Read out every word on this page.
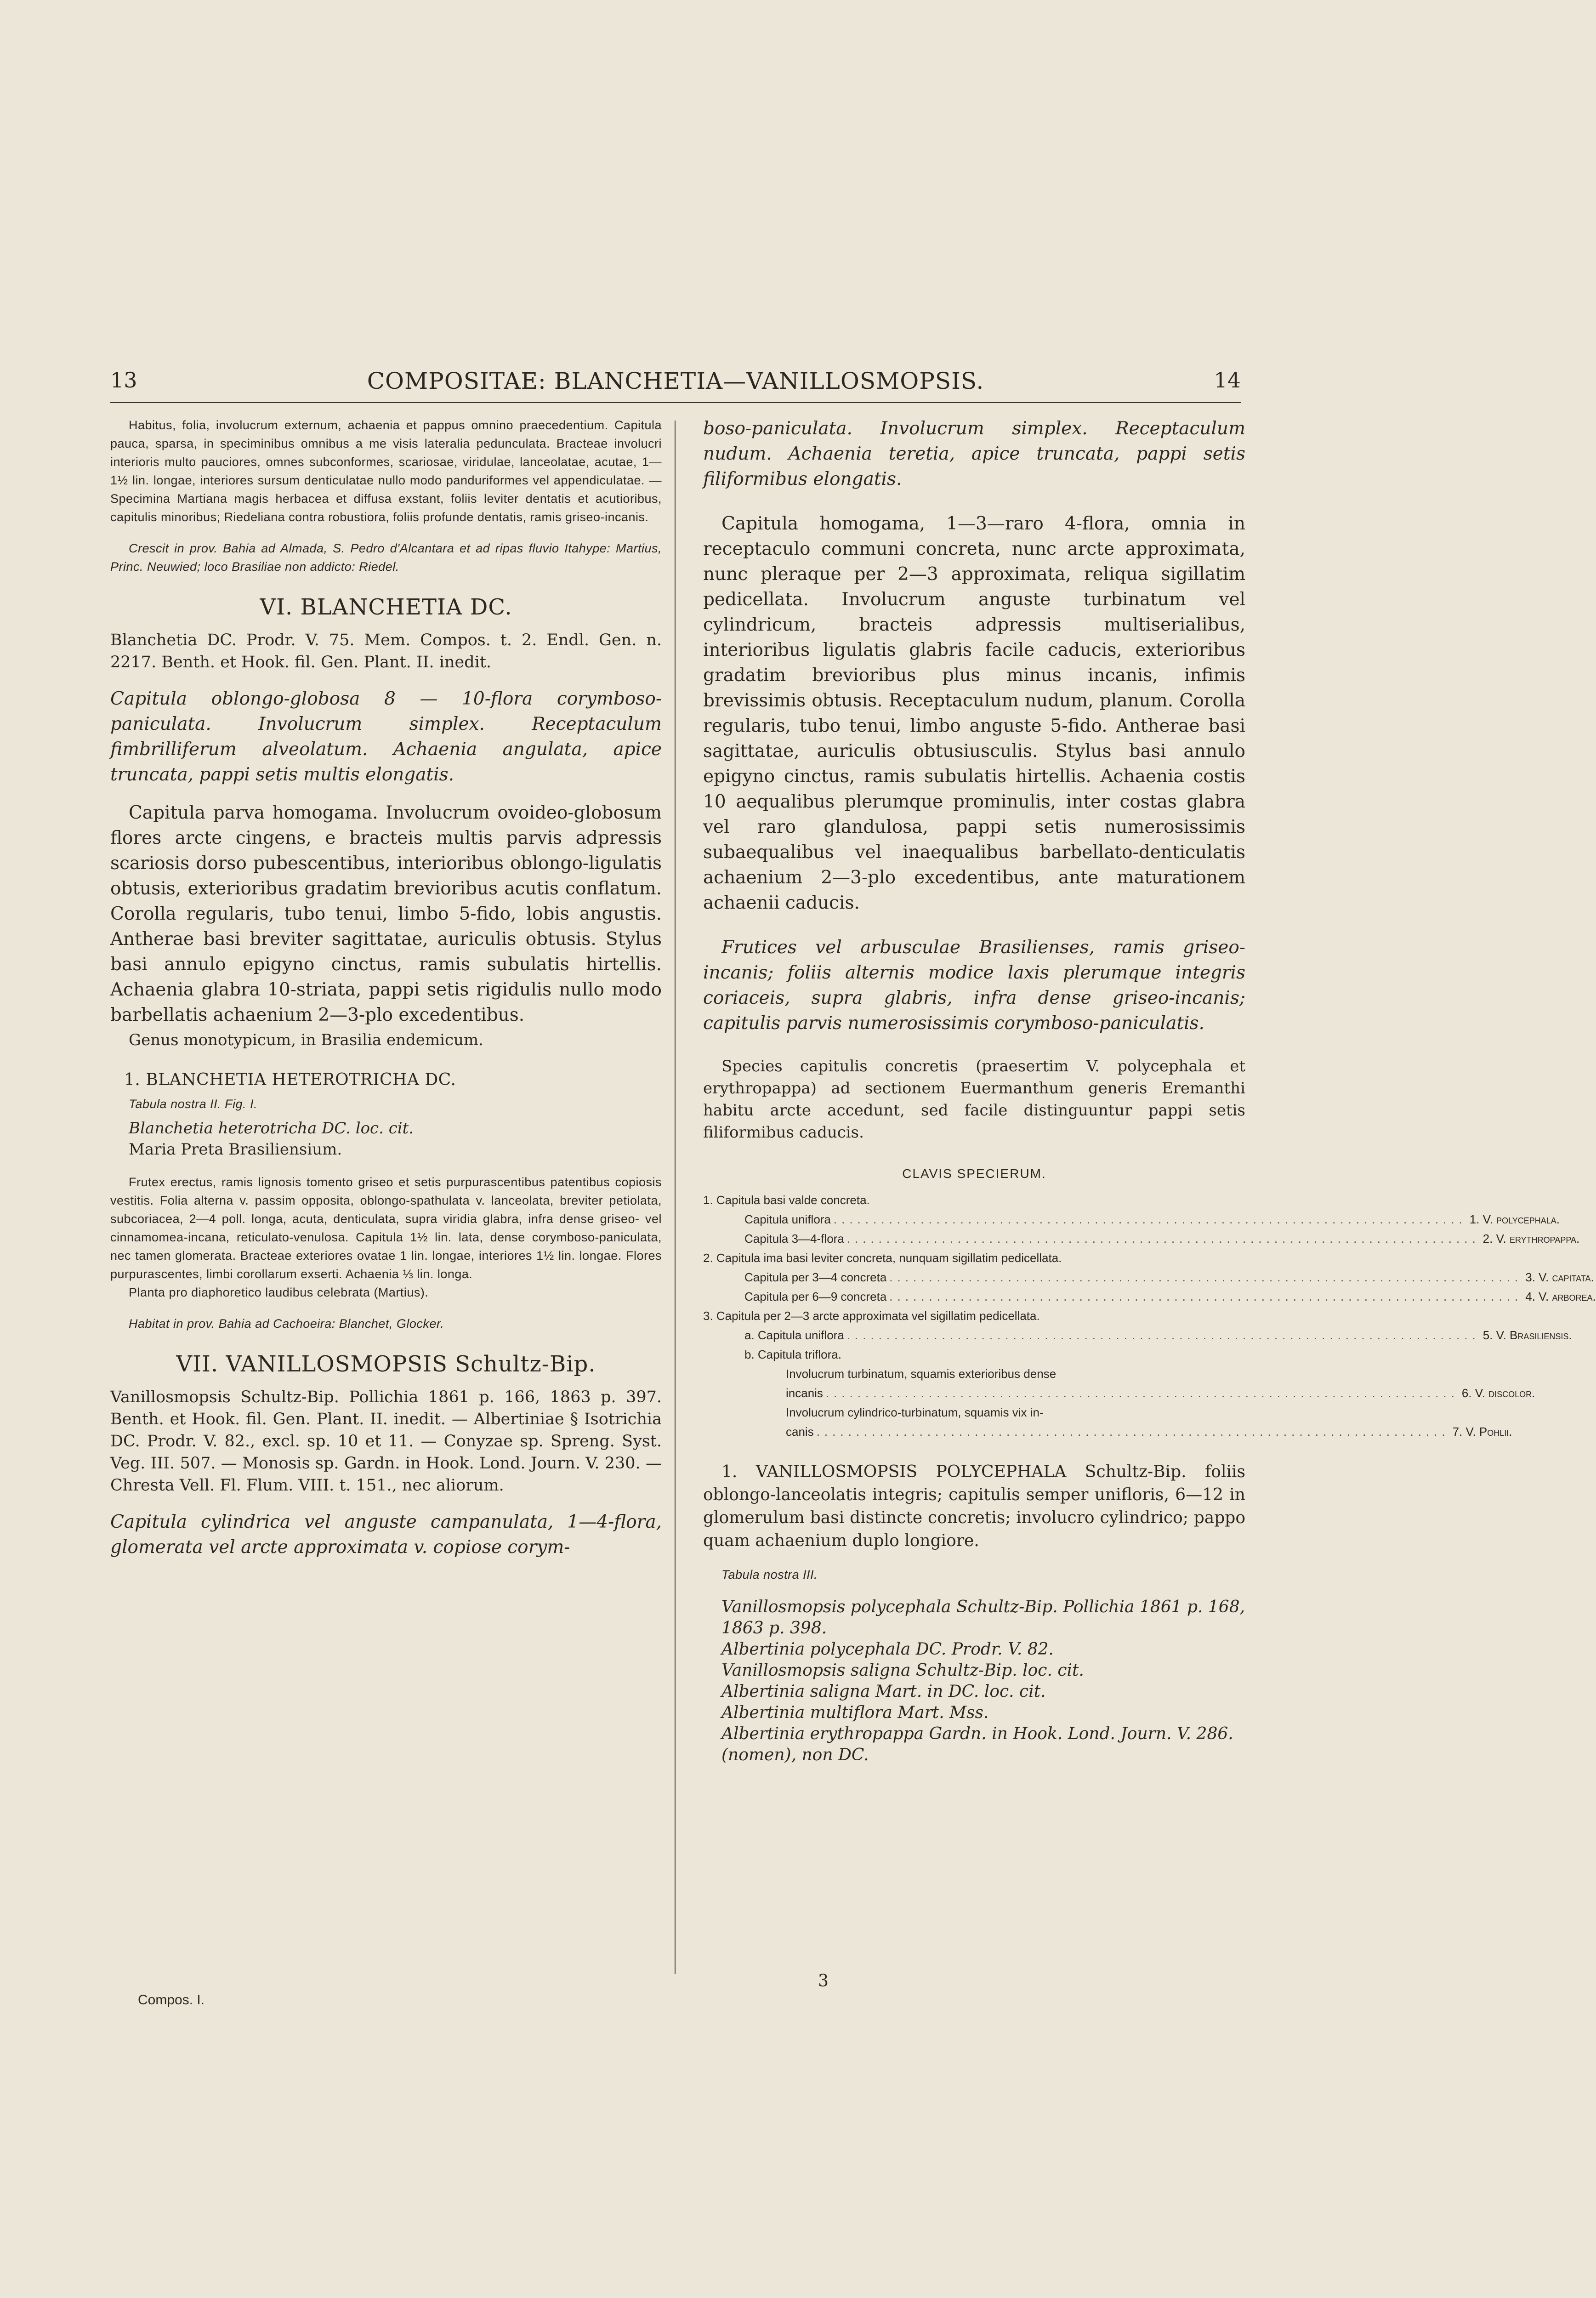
13	COMPOSITAE: BLANCHETIA—VANILLOSMOPSIS.	14

Habitus, folia, involucrum externum, achaenia et pappus omnino praecedentium. Capitula pauca, sparsa, in speciminibus omnibus a me visis lateralia pedunculata. Bracteae involucri interioris multo pauciores, omnes subconformes, scariosae, viridulae, lanceolatae, acutae, 1—1½ lin. longae, interiores sursum denticulatae nullo modo panduriformes vel appendiculatae. — Specimina Martiana magis herbacea et diffusa exstant, foliis leviter dentatis et acutioribus, capitulis minoribus; Riedeliana contra robustiora, foliis profunde dentatis, ramis griseo-incanis.

Crescit in prov. Bahia ad Almada, S. Pedro d'Alcantara et ad ripas fluvio Itahype: Martius, Princ. Neuwied; loco Brasiliae non addicto: Riedel.

VI. BLANCHETIA DC.

Blanchetia DC. Prodr. V. 75. Mem. Compos. t. 2. Endl. Gen. n. 2217. Benth. et Hook. fil. Gen. Plant. II. inedit.

Capitula oblongo-globosa 8 — 10-flora corymboso-paniculata. Involucrum simplex. Receptaculum fimbrilliferum alveolatum. Achaenia angulata, apice truncata, pappi setis multis elongatis.

Capitula parva homogama. Involucrum ovoideo-globosum flores arcte cingens, e bracteis multis parvis adpressis scariosis dorso pubescentibus, interioribus oblongo-ligulatis obtusis, exterioribus gradatim brevioribus acutis conflatum. Corolla regularis, tubo tenui, limbo 5-fido, lobis angustis. Antherae basi breviter sagittatae, auriculis obtusis. Stylus basi annulo epigyno cinctus, ramis subulatis hirtellis. Achaenia glabra 10-striata, pappi setis rigidulis nullo modo barbellatis achaenium 2—3-plo excedentibus.

Genus monotypicum, in Brasilia endemicum.

1. BLANCHETIA HETEROTRICHA DC.

Tabula nostra II. Fig. I.

Blanchetia heterotricha DC. loc. cit.

Maria Preta Brasiliensium.

Frutex erectus, ramis lignosis tomento griseo et setis purpurascentibus patentibus copiosis vestitis. Folia alterna v. passim opposita, oblongo-spathulata v. lanceolata, breviter petiolata, subcoriacea, 2—4 poll. longa, acuta, denticulata, supra viridia glabra, infra dense griseo- vel cinnamomea-incana, reticulato-venulosa. Capitula 1½ lin. lata, dense corymboso-paniculata, nec tamen glomerata. Bracteae exteriores ovatae 1 lin. longae, interiores 1½ lin. longae. Flores purpurascentes, limbi corollarum exserti. Achaenia ⅓ lin. longa.

Planta pro diaphoretico laudibus celebrata (Martius).

Habitat in prov. Bahia ad Cachoeira: Blanchet, Glocker.

VII. VANILLOSMOPSIS Schultz-Bip.

Vanillosmopsis Schultz-Bip. Pollichia 1861 p. 166, 1863 p. 397. Benth. et Hook. fil. Gen. Plant. II. inedit. — Albertiniae § Isotrichia DC. Prodr. V. 82., excl. sp. 10 et 11. — Conyzae sp. Spreng. Syst. Veg. III. 507. — Monosis sp. Gardn. in Hook. Lond. Journ. V. 230. — Chresta Vell. Fl. Flum. VIII. t. 151., nec aliorum.

Capitula cylindrica vel anguste campanulata, 1—4-flora, glomerata vel arcte approximata v. copiose corym-

Compos. I.

boso-paniculata. Involucrum simplex. Receptaculum nudum. Achaenia teretia, apice truncata, pappi setis filiformibus elongatis.

Capitula homogama, 1—3—raro 4-flora, omnia in receptaculo communi concreta, nunc arcte approximata, nunc pleraque per 2—3 approximata, reliqua sigillatim pedicellata. Involucrum anguste turbinatum vel cylindricum, bracteis adpressis multiserialibus, interioribus ligulatis glabris facile caducis, exterioribus gradatim brevioribus plus minus incanis, infimis brevissimis obtusis. Receptaculum nudum, planum. Corolla regularis, tubo tenui, limbo anguste 5-fido. Antherae basi sagittatae, auriculis obtusiusculis. Stylus basi annulo epigyno cinctus, ramis subulatis hirtellis. Achaenia costis 10 aequalibus plerumque prominulis, inter costas glabra vel raro glandulosa, pappi setis numerosissimis subaequalibus vel inaequalibus barbellato-denticulatis achaenium 2—3-plo excedentibus, ante maturationem achaenii caducis.

Frutices vel arbusculae Brasilienses, ramis griseo-incanis; foliis alternis modice laxis plerumque integris coriaceis, supra glabris, infra dense griseo-incanis; capitulis parvis numerosissimis corymboso-paniculatis.

Species capitulis concretis (praesertim V. polycephala et erythropappa) ad sectionem Euermanthum generis Eremanthi habitu arcte accedunt, sed facile distinguuntur pappi setis filiformibus caducis.

CLAVIS SPECIERUM.
1. Capitula basi valde concreta.
Capitula uniflora ................................................................................ 1. V. polycephala.
Capitula 3—4-flora ................................................................................ 2. V. erythropappa.
2. Capitula ima basi leviter concreta, nunquam sigillatim pedicellata.
Capitula per 3—4 concreta ................................................................................ 3. V. capitata.
Capitula per 6—9 concreta ................................................................................ 4. V. arborea.
3. Capitula per 2—3 arcte approximata vel sigillatim pedicellata.
a. Capitula uniflora ................................................................................ 5. V. Brasiliensis.
b. Capitula triflora.
Involucrum turbinatum, squamis exterioribus dense
incanis ................................................................................ 6. V. discolor.
Involucrum cylindrico-turbinatum, squamis vix in-
canis ................................................................................ 7. V. Pohlii.

1. VANILLOSMOPSIS POLYCEPHALA Schultz-Bip. foliis oblongo-lanceolatis integris; capitulis semper unifloris, 6—12 in glomerulum basi distincte concretis; involucro cylindrico; pappo quam achaenium duplo longiore.

Tabula nostra III.

Vanillosmopsis polycephala Schultz-Bip. Pollichia 1861 p. 168, 1863 p. 398.

Albertinia polycephala DC. Prodr. V. 82.

Vanillosmopsis saligna Schultz-Bip. loc. cit.

Albertinia saligna Mart. in DC. loc. cit.

Albertinia multiflora Mart. Mss.

Albertinia erythropappa Gardn. in Hook. Lond. Journ. V. 286. (nomen), non DC.

3
